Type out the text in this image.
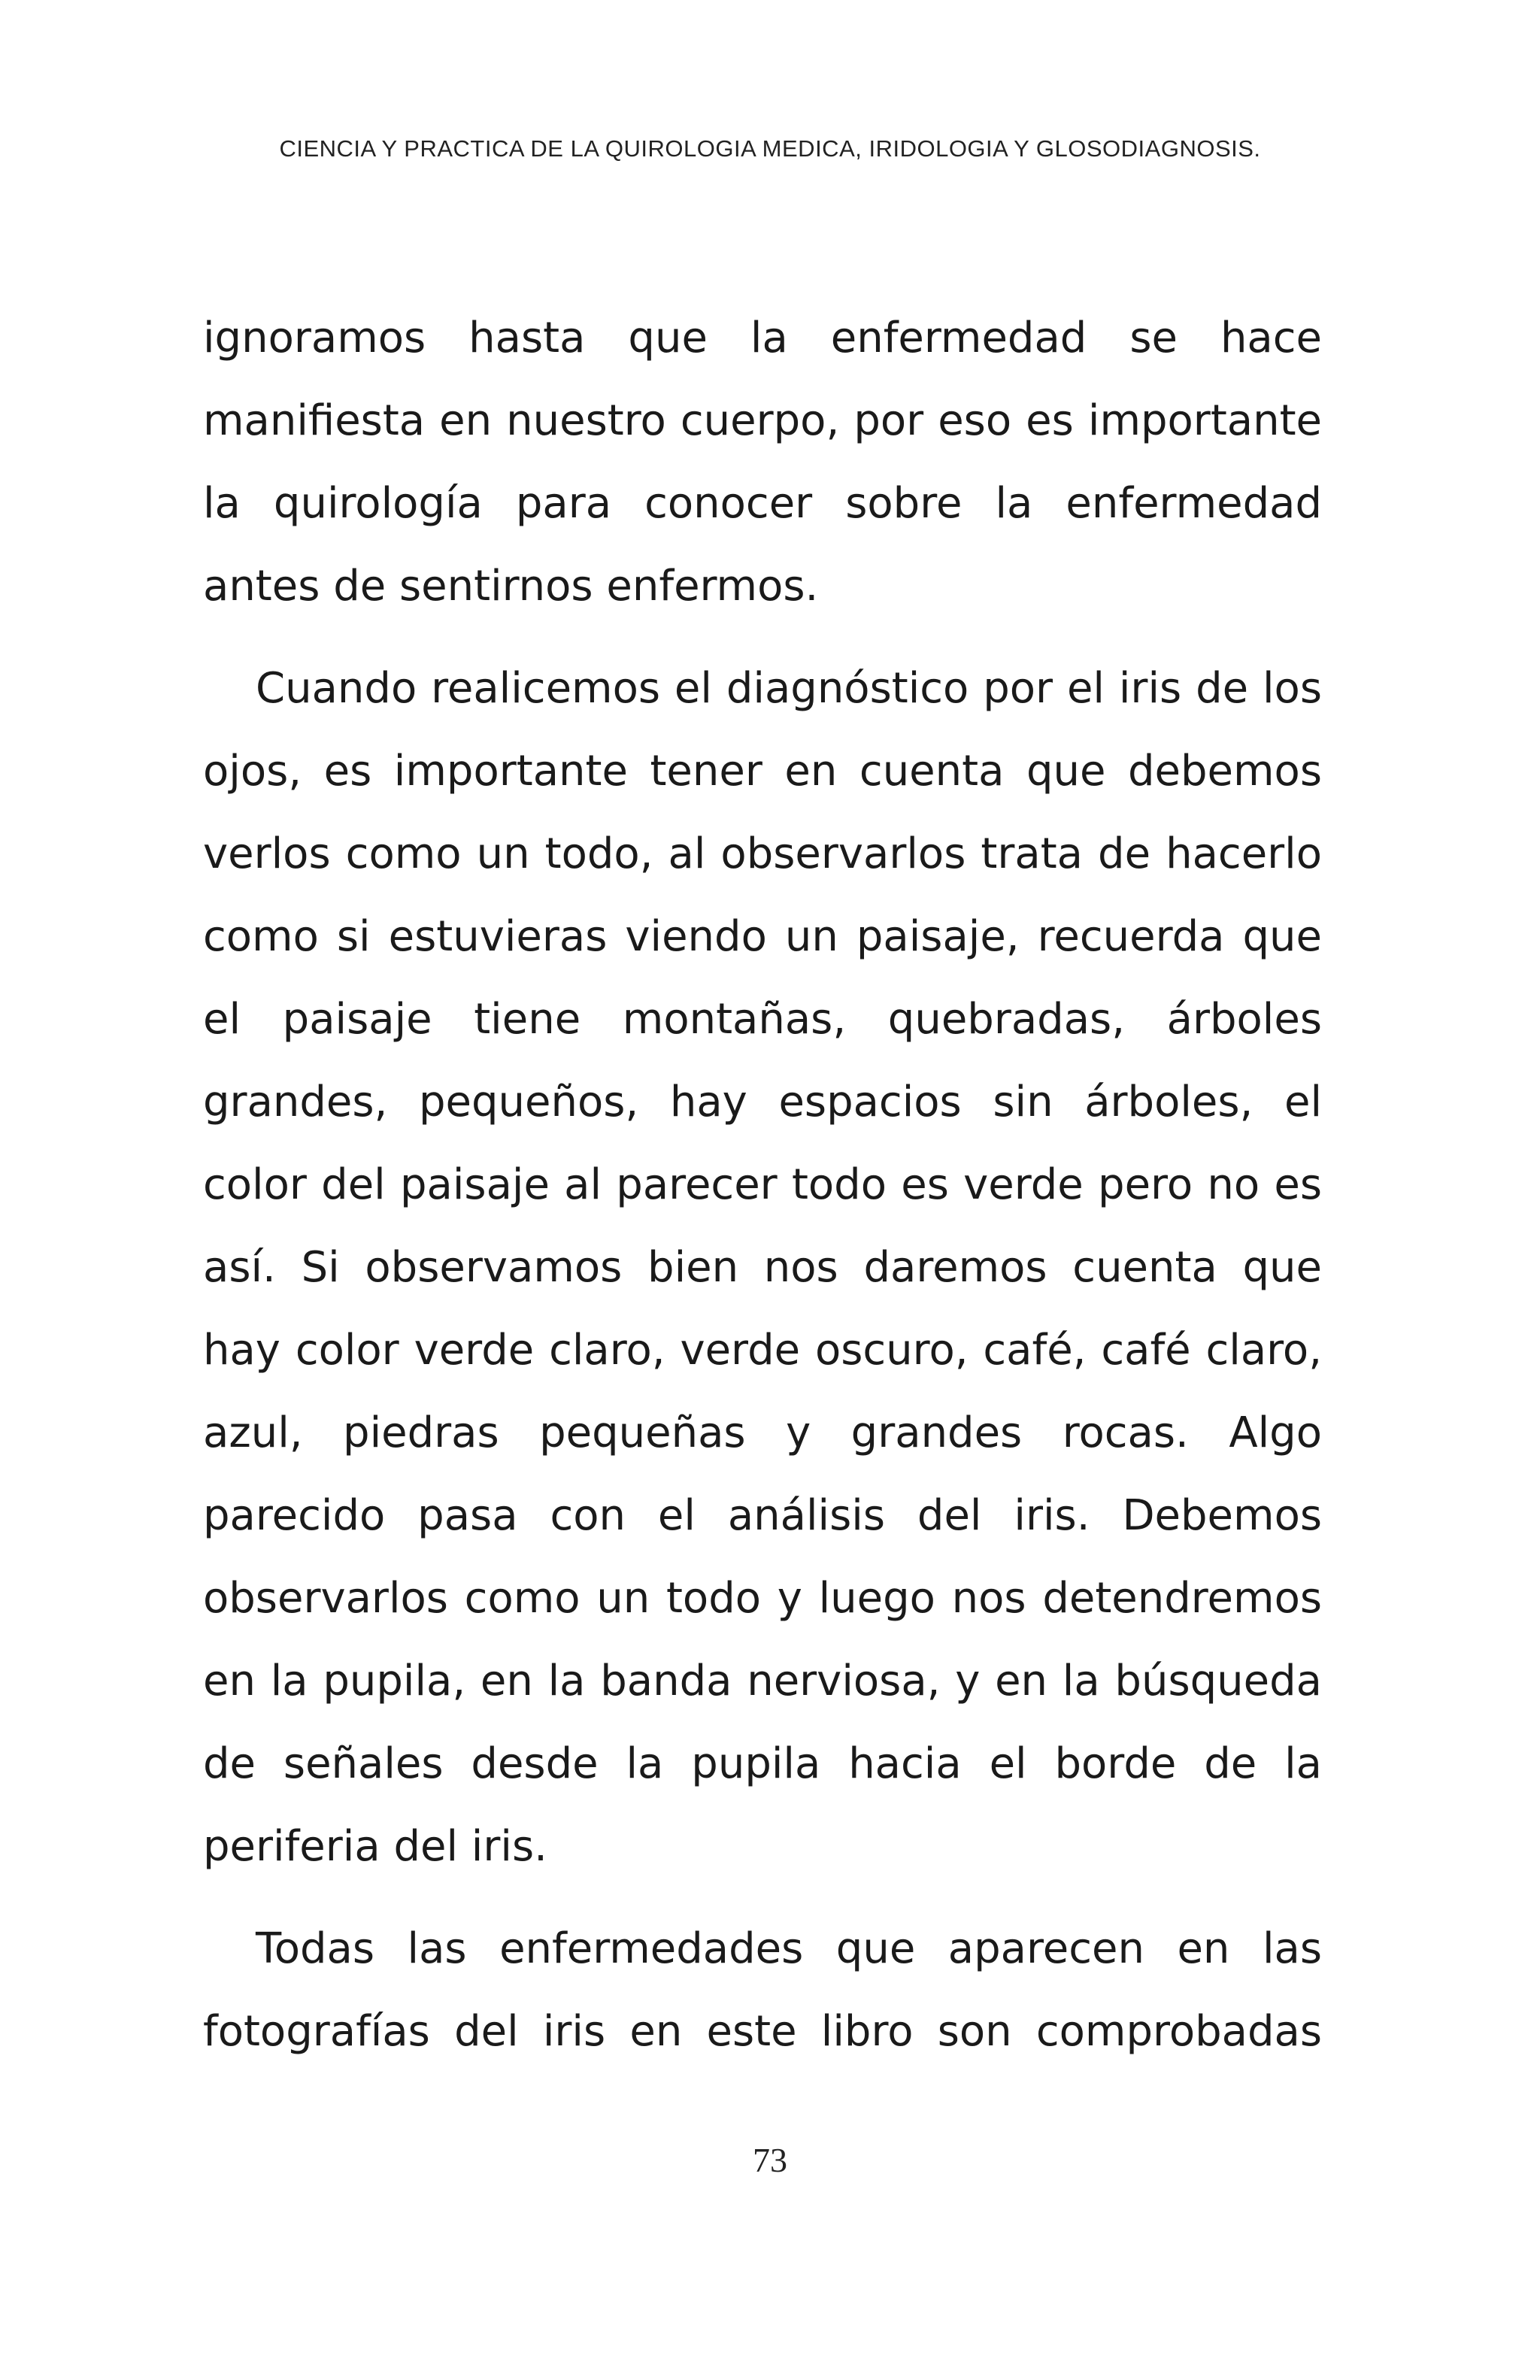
CIENCIA Y PRACTICA DE LA QUIROLOGIA MEDICA, IRIDOLOGIA Y GLOSODIAGNOSIS.

ignoramos hasta que la enfermedad se hace manifiesta en nuestro cuerpo, por eso es importante la quirología para conocer sobre la enfermedad antes de sentirnos enfermos.

Cuando realicemos el diagnóstico por el iris de los ojos, es importante tener en cuenta que debemos verlos como un todo, al observarlos trata de hacerlo como si estuvieras viendo un paisaje, recuerda que el paisaje tiene montañas, quebradas, árboles grandes, pequeños, hay espacios sin árboles, el color del paisaje al parecer todo es verde pero no es así. Si observamos bien nos daremos cuenta que hay color verde claro, verde oscuro, café, café claro, azul, piedras pequeñas y grandes rocas. Algo parecido pasa con el análisis del iris. Debemos observarlos como un todo y luego nos detendremos en la pupila, en la banda nerviosa, y en la búsqueda de señales desde la pupila hacia el borde de la periferia del iris.

Todas las enfermedades que aparecen en las fotografías del iris en este libro son comprobadas

73
